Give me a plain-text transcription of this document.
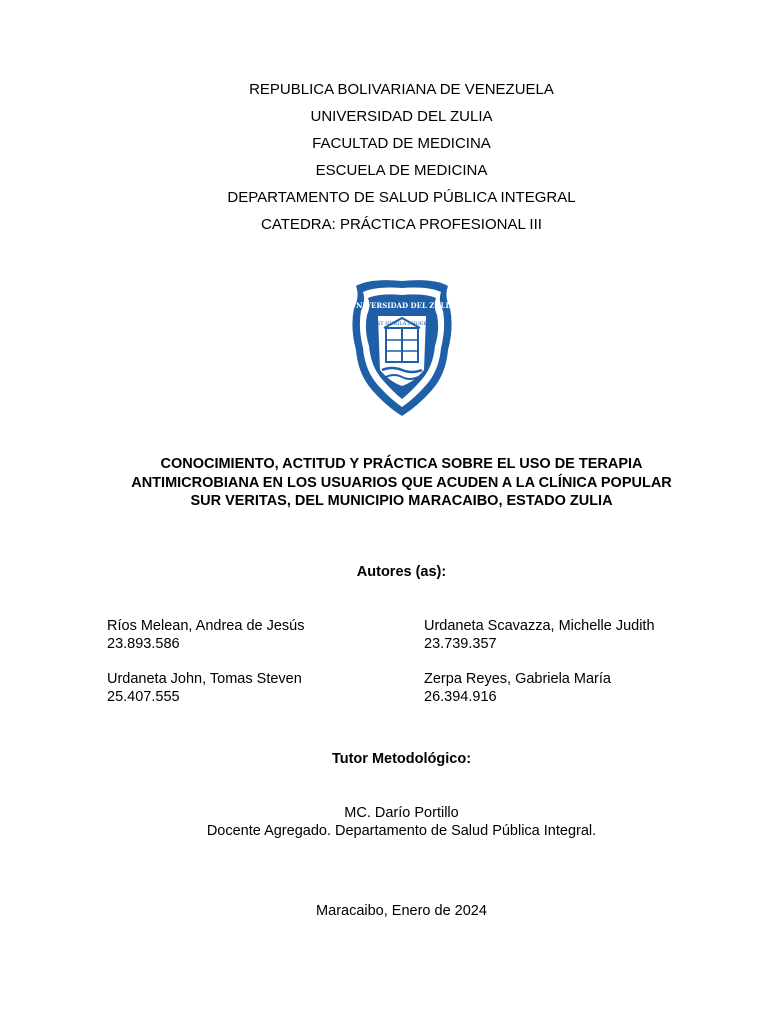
REPUBLICA BOLIVARIANA DE VENEZUELA
UNIVERSIDAD DEL ZULIA
FACULTAD DE MEDICINA
ESCUELA DE MEDICINA
DEPARTAMENTO DE SALUD PÚBLICA INTEGRAL
CATEDRA: PRÁCTICA PROFESIONAL III
UNIVERSIDAD DEL ZULIA
POST NUBILA PHOEBUS
CONOCIMIENTO, ACTITUD Y PRÁCTICA SOBRE EL USO DE TERAPIA
ANTIMICROBIANA EN LOS USUARIOS QUE ACUDEN A LA CLÍNICA POPULAR
SUR VERITAS, DEL MUNICIPIO MARACAIBO, ESTADO ZULIA
Autores (as):
Ríos Melean, Andrea de Jesús
23.893.586
Urdaneta Scavazza, Michelle Judith
23.739.357
Urdaneta John, Tomas Steven
25.407.555
Zerpa Reyes, Gabriela María
26.394.916
Tutor Metodológico:
MC. Darío Portillo
Docente Agregado. Departamento de Salud Pública Integral.
Maracaibo, Enero de 2024
